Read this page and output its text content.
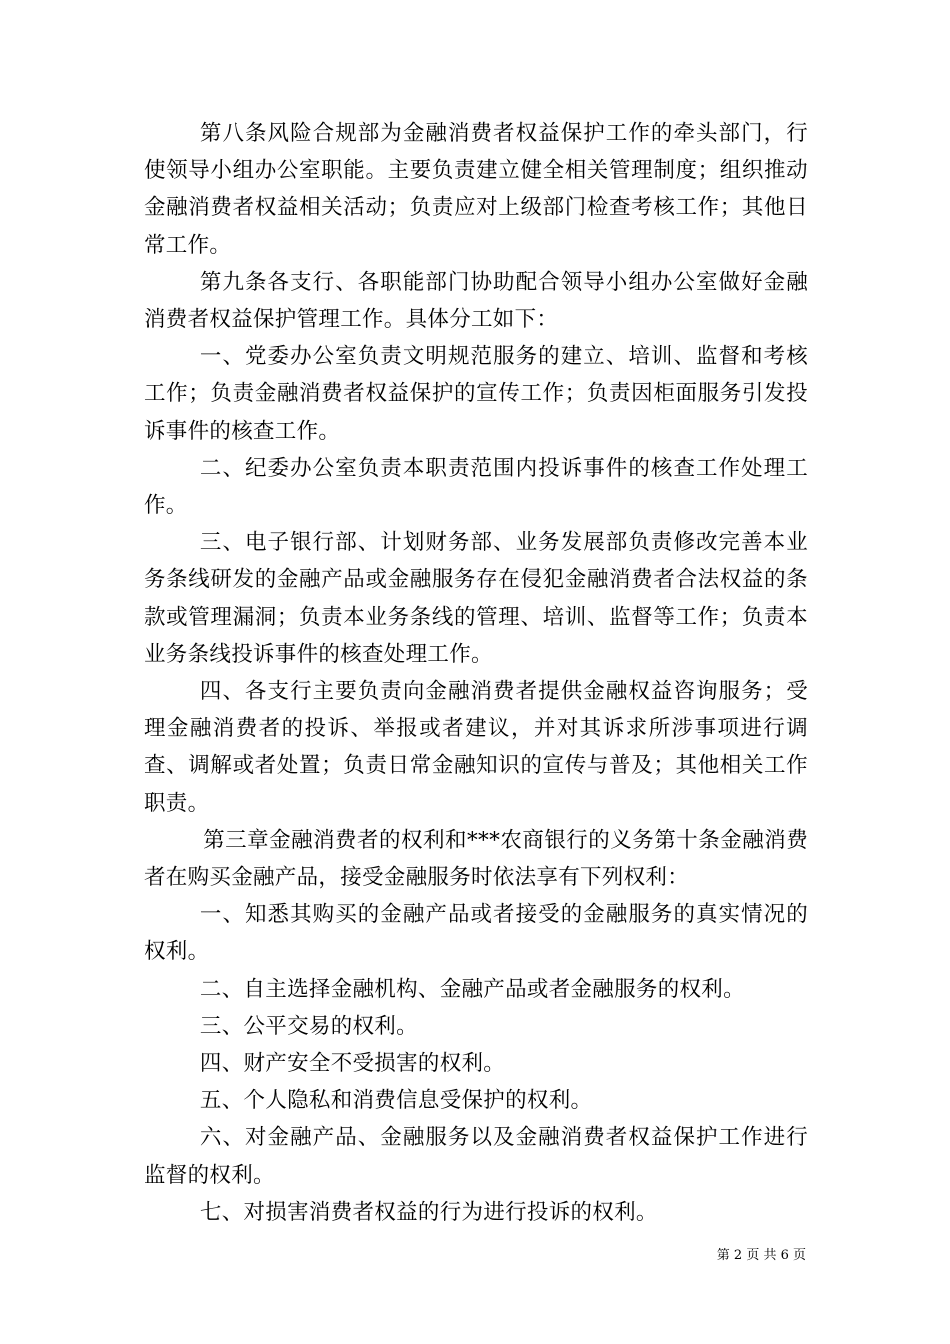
第八条风险合规部为金融消费者权益保护工作的牵头部门，行使领导小组办公室职能。主要负责建立健全相关管理制度；组织推动金融消费者权益相关活动；负责应对上级部门检查考核工作；其他日常工作。

第九条各支行、各职能部门协助配合领导小组办公室做好金融消费者权益保护管理工作。具体分工如下：

一、党委办公室负责文明规范服务的建立、培训、监督和考核工作；负责金融消费者权益保护的宣传工作；负责因柜面服务引发投诉事件的核查工作。

二、纪委办公室负责本职责范围内投诉事件的核查工作处理工作。

三、电子银行部、计划财务部、业务发展部负责修改完善本业务条线研发的金融产品或金融服务存在侵犯金融消费者合法权益的条款或管理漏洞；负责本业务条线的管理、培训、监督等工作；负责本业务条线投诉事件的核查处理工作。

四、各支行主要负责向金融消费者提供金融权益咨询服务；受理金融消费者的投诉、举报或者建议，并对其诉求所涉事项进行调查、调解或者处置；负责日常金融知识的宣传与普及；其他相关工作职责。

第三章金融消费者的权利和***农商银行的义务第十条金融消费者在购买金融产品，接受金融服务时依法享有下列权利：

一、知悉其购买的金融产品或者接受的金融服务的真实情况的权利。

二、自主选择金融机构、金融产品或者金融服务的权利。

三、公平交易的权利。

四、财产安全不受损害的权利。

五、个人隐私和消费信息受保护的权利。

六、对金融产品、金融服务以及金融消费者权益保护工作进行监督的权利。

七、对损害消费者权益的行为进行投诉的权利。

第 2 页 共 6 页
